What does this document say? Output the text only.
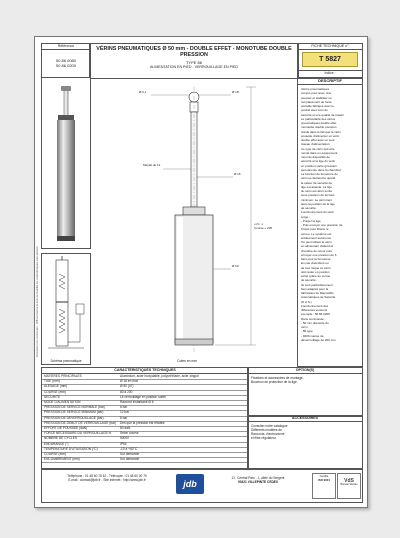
Référence
50 86 0080
50 86 0200
VÉRINS PNEUMATIQUES Ø 50 mm - DOUBLE EFFET - MONOTUBE DOUBLE PRESSION
TYPE 86
ALIMENTATION EN PIED - VERROUILLAGE EN PIED
FICHE TECHNIQUE n°
T 5827
Indice :
Schéma pneumatique
Document non contractuel - JDB se réserve le droit de modifier les caractéristiques sans préavis
Ø 6,1	Ø 18
Méplat de 13
Ø 16
Ø 60
Course + 205
+1.5 / -1
Cotes en mm
DESCRIPTIF
Vérins pneumatiques
conçus pour lever, tirer,
pousser et stabiliser un
remplacement de fonte
portable fabriqué avec le
produit avec soin de
sécurité et une qualité de travail
Le particularité des vérins
pneumatiques double effet
monotube double pression
réside dans le fait que le vérin
possède d'alimenter un vérin
double effet avec un seul
réseau d'alimentation.
Ce type de vérin doit être
monté dans un équipement
muni de dispositifs de
sécurité et la tige du vérin
en position sortie (pression
permanente dans la chambre).
La fonction de fermeture du
vérin se déclenche quand
la valeur de sécurité de
tige est atteinte. La tige
du vérin est alors sortie
sous pression de 12 bars
minimum. Le vérin tient
alors la position de la tige
de sécurité.
Fonctionnement du vérin
à tige :
- Purger la tige
- Puis envoyer une pression de
6 bars pour libérer le
verrou. Le système est
entièrement autonome.
On peut utiliser le vérin
en alimentant d'abord la
chambre de retour puis
envoyer une pression de 6
bars pour la fermeture.
En cas d'accident ou
de tout risque ce vérin
doit rester en position
sortie grâce au verrou
de sécurité.
Ils sont particulièrement
bien adaptés pour la
fabrication de Dispositifs
Automatiques de Sécurité
(D.A.S.).
Fonctionnement des
différentes versions
exemple : 50 86 0200
Dans commande :
- 50 mm diamètre du
vérin
- 86 type
- 0200 course de
déverrouillage de 200 mm
CARACTÉRISTIQUES TECHNIQUES
MATIÈRES PRINCIPALES	Aluminium, acier inoxydable, polyuréthane, acier zingué
TIGE (mm)	Ø 16 en inox
ALÉSAGE (mm)	Ø 50 (47)
COURSE (mm)	80 à 200
SÉCURITÉ	Le verrouillage en position sortie
MODE D'ALIMENTATION	Raccord instantané Ø 6
PRESSION DE SERVICE NORMALE (bar)	6 bar
PRESSION DE SERVICE MINIMUM (bar)	12 bar
PRESSION DE DÉVERROUILLAGE (bar)	6 bar
PRESSION DE DÉBUT DE VERROUILLAGE (bar) Dès que la pression est rétablie
EFFORT DE POUSSÉE (daN)	80 daN
FORCE NÉCESSAIRE DU VERROUILLAGE N	Selon course
NOMBRE DE CYCLES	50000
ENDURANCE (°)	IP54
TEMPÉRATURE D'UTILISATION (°C)	-10 à +50°C
COURSE (mm)	Sur demande
ENCOMBREMENT (mm)	Sur demande
OPTION(S)
Fixations et accessoires de montage.
Bouchon de protection de la tige.
ACCESSOIRES
Consulter notre catalogue
Différents modèles de
Raccords, électrovanne
et filtre régulateur.
Téléphone : 01 48 60 76 52 - Télécopie : 01 48 60 00 79
E-mail : contact@jdb.fr - Site internet : http://www.jdb.fr	jdb
Z.I. Central Parc - 1, allée du Sergent
93421 VILLEPINTE CEDEX
Certifié
ISO 9001	VdS
Bureau Veritas
